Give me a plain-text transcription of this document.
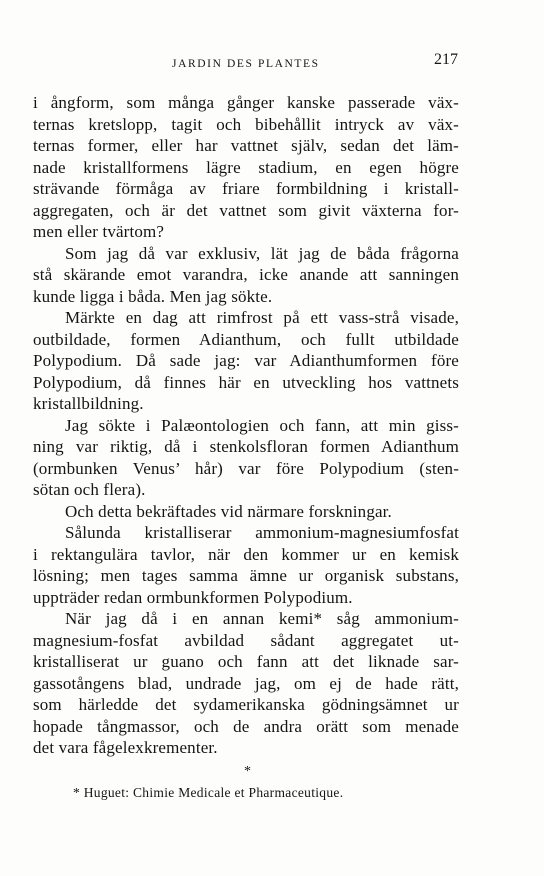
JARDIN DES PLANTES	217
i ångform, som många gånger kanske passerade väx-
ternas kretslopp, tagit och bibehållit intryck av väx-
ternas former, eller har vattnet själv, sedan det läm-
nade kristallformens lägre stadium, en egen högre
strävande förmåga av friare formbildning i kristall-
aggregaten, och är det vattnet som givit växterna for-
men eller tvärtom?
Som jag då var exklusiv, lät jag de båda frågorna
stå skärande emot varandra, icke anande att sanningen
kunde ligga i båda. Men jag sökte.
Märkte en dag att rimfrost på ett vass-strå visade,
outbildade, formen Adianthum, och fullt utbildade
Polypodium. Då sade jag: var Adianthumformen före
Polypodium, då finnes här en utveckling hos vattnets
kristallbildning.
Jag sökte i Palæontologien och fann, att min giss-
ning var riktig, då i stenkolsfloran formen Adianthum
(ormbunken Venus’ hår) var före Polypodium (sten-
sötan och flera).
Och detta bekräftades vid närmare forskningar.
Sålunda kristalliserar ammonium-magnesiumfosfat
i rektangulära tavlor, när den kommer ur en kemisk
lösning; men tages samma ämne ur organisk substans,
uppträder redan ormbunkformen Polypodium.
När jag då i en annan kemi* såg ammonium-
magnesium-fosfat avbildad sådant aggregatet ut-
kristalliserat ur guano och fann att det liknade sar-
gassotångens blad, undrade jag, om ej de hade rätt,
som härledde det sydamerikanska gödningsämnet ur
hopade tångmassor, och de andra orätt som menade
det vara fågelexkrementer.
*
* Huguet: Chimie Medicale et Pharmaceutique.
